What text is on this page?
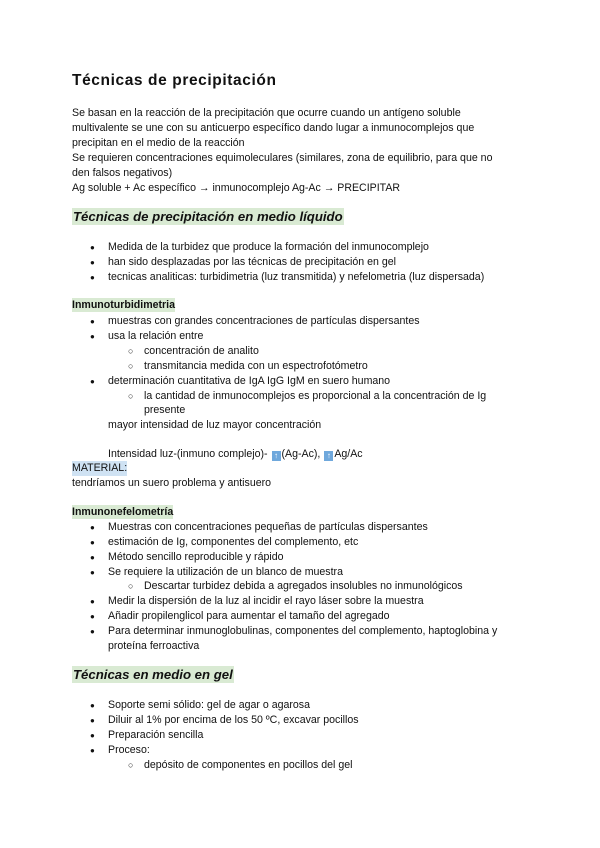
Técnicas de precipitación

Se basan en la reacción de la precipitación que ocurre cuando un antígeno soluble

multivalente se une con su anticuerpo específico dando lugar a inmunocomplejos que

precipitan en el medio de la reacción

Se requieren concentraciones equimoleculares (similares, zona de equilibrio, para que no

den falsos negativos)

Ag soluble + Ac específico → inmunocomplejo Ag-Ac → PRECIPITAR

Técnicas de precipitación en medio líquido
Medida de la turbidez que produce la formación del inmunocomplejo
han sido desplazadas por las técnicas de precipitación en gel
tecnicas analiticas: turbidimetria (luz transmitida) y nefelometria (luz dispersada)
Inmunoturbidimetria
muestras con grandes concentraciones de partículas dispersantes
usa la relación entre
concentración de analito
transmitancia medida con un espectrofotómetro
determinación cuantitativa de IgA IgG IgM en suero humano
la cantidad de inmunocomplejos es proporcional a la concentración de Ig

presente

mayor intensidad de luz mayor concentración

Intensidad luz-(inmuno complejo)- ↑ (Ag-Ac), ↑ Ag/Ac

MATERIAL:

tendríamos un suero problema y antisuero

Inmunonefelometría
Muestras con concentraciones pequeñas de partículas dispersantes
estimación de Ig, componentes del complemento, etc
Método sencillo reproducible y rápido
Se requiere la utilización de un blanco de muestra
Descartar turbidez debida a agregados insolubles no inmunológicos
Medir la dispersión de la luz al incidir el rayo láser sobre la muestra
Añadir propilenglicol para aumentar el tamaño del agregado
Para determinar inmunoglobulinas, componentes del complemento, haptoglobina y

proteína ferroactiva

Técnicas en medio en gel
Soporte semi sólido: gel de agar o agarosa
Diluir al 1% por encima de los 50 ºC, excavar pocillos
Preparación sencilla
Proceso:
depósito de componentes en pocillos del gel
